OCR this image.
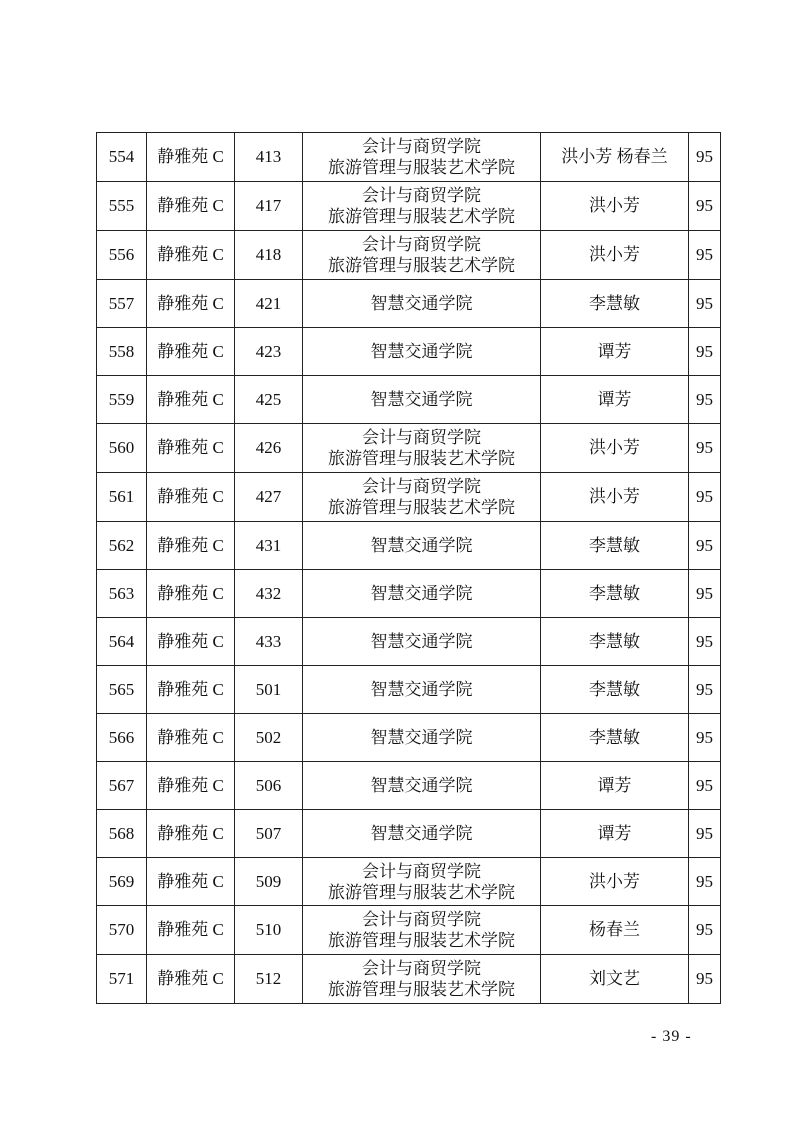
554	静雅苑 C	413	会计与商贸学院
旅游管理与服装艺术学院	洪小芳 杨春兰	95
555	静雅苑 C	417	会计与商贸学院
旅游管理与服装艺术学院	洪小芳	95
556	静雅苑 C	418	会计与商贸学院
旅游管理与服装艺术学院	洪小芳	95
557	静雅苑 C	421	智慧交通学院	李慧敏	95
558	静雅苑 C	423	智慧交通学院	谭芳	95
559	静雅苑 C	425	智慧交通学院	谭芳	95
560	静雅苑 C	426	会计与商贸学院
旅游管理与服装艺术学院	洪小芳	95
561	静雅苑 C	427	会计与商贸学院
旅游管理与服装艺术学院	洪小芳	95
562	静雅苑 C	431	智慧交通学院	李慧敏	95
563	静雅苑 C	432	智慧交通学院	李慧敏	95
564	静雅苑 C	433	智慧交通学院	李慧敏	95
565	静雅苑 C	501	智慧交通学院	李慧敏	95
566	静雅苑 C	502	智慧交通学院	李慧敏	95
567	静雅苑 C	506	智慧交通学院	谭芳	95
568	静雅苑 C	507	智慧交通学院	谭芳	95
569	静雅苑 C	509	会计与商贸学院
旅游管理与服装艺术学院	洪小芳	95
570	静雅苑 C	510	会计与商贸学院
旅游管理与服装艺术学院	杨春兰	95
571	静雅苑 C	512	会计与商贸学院
旅游管理与服装艺术学院	刘文艺	95
- 39 -
